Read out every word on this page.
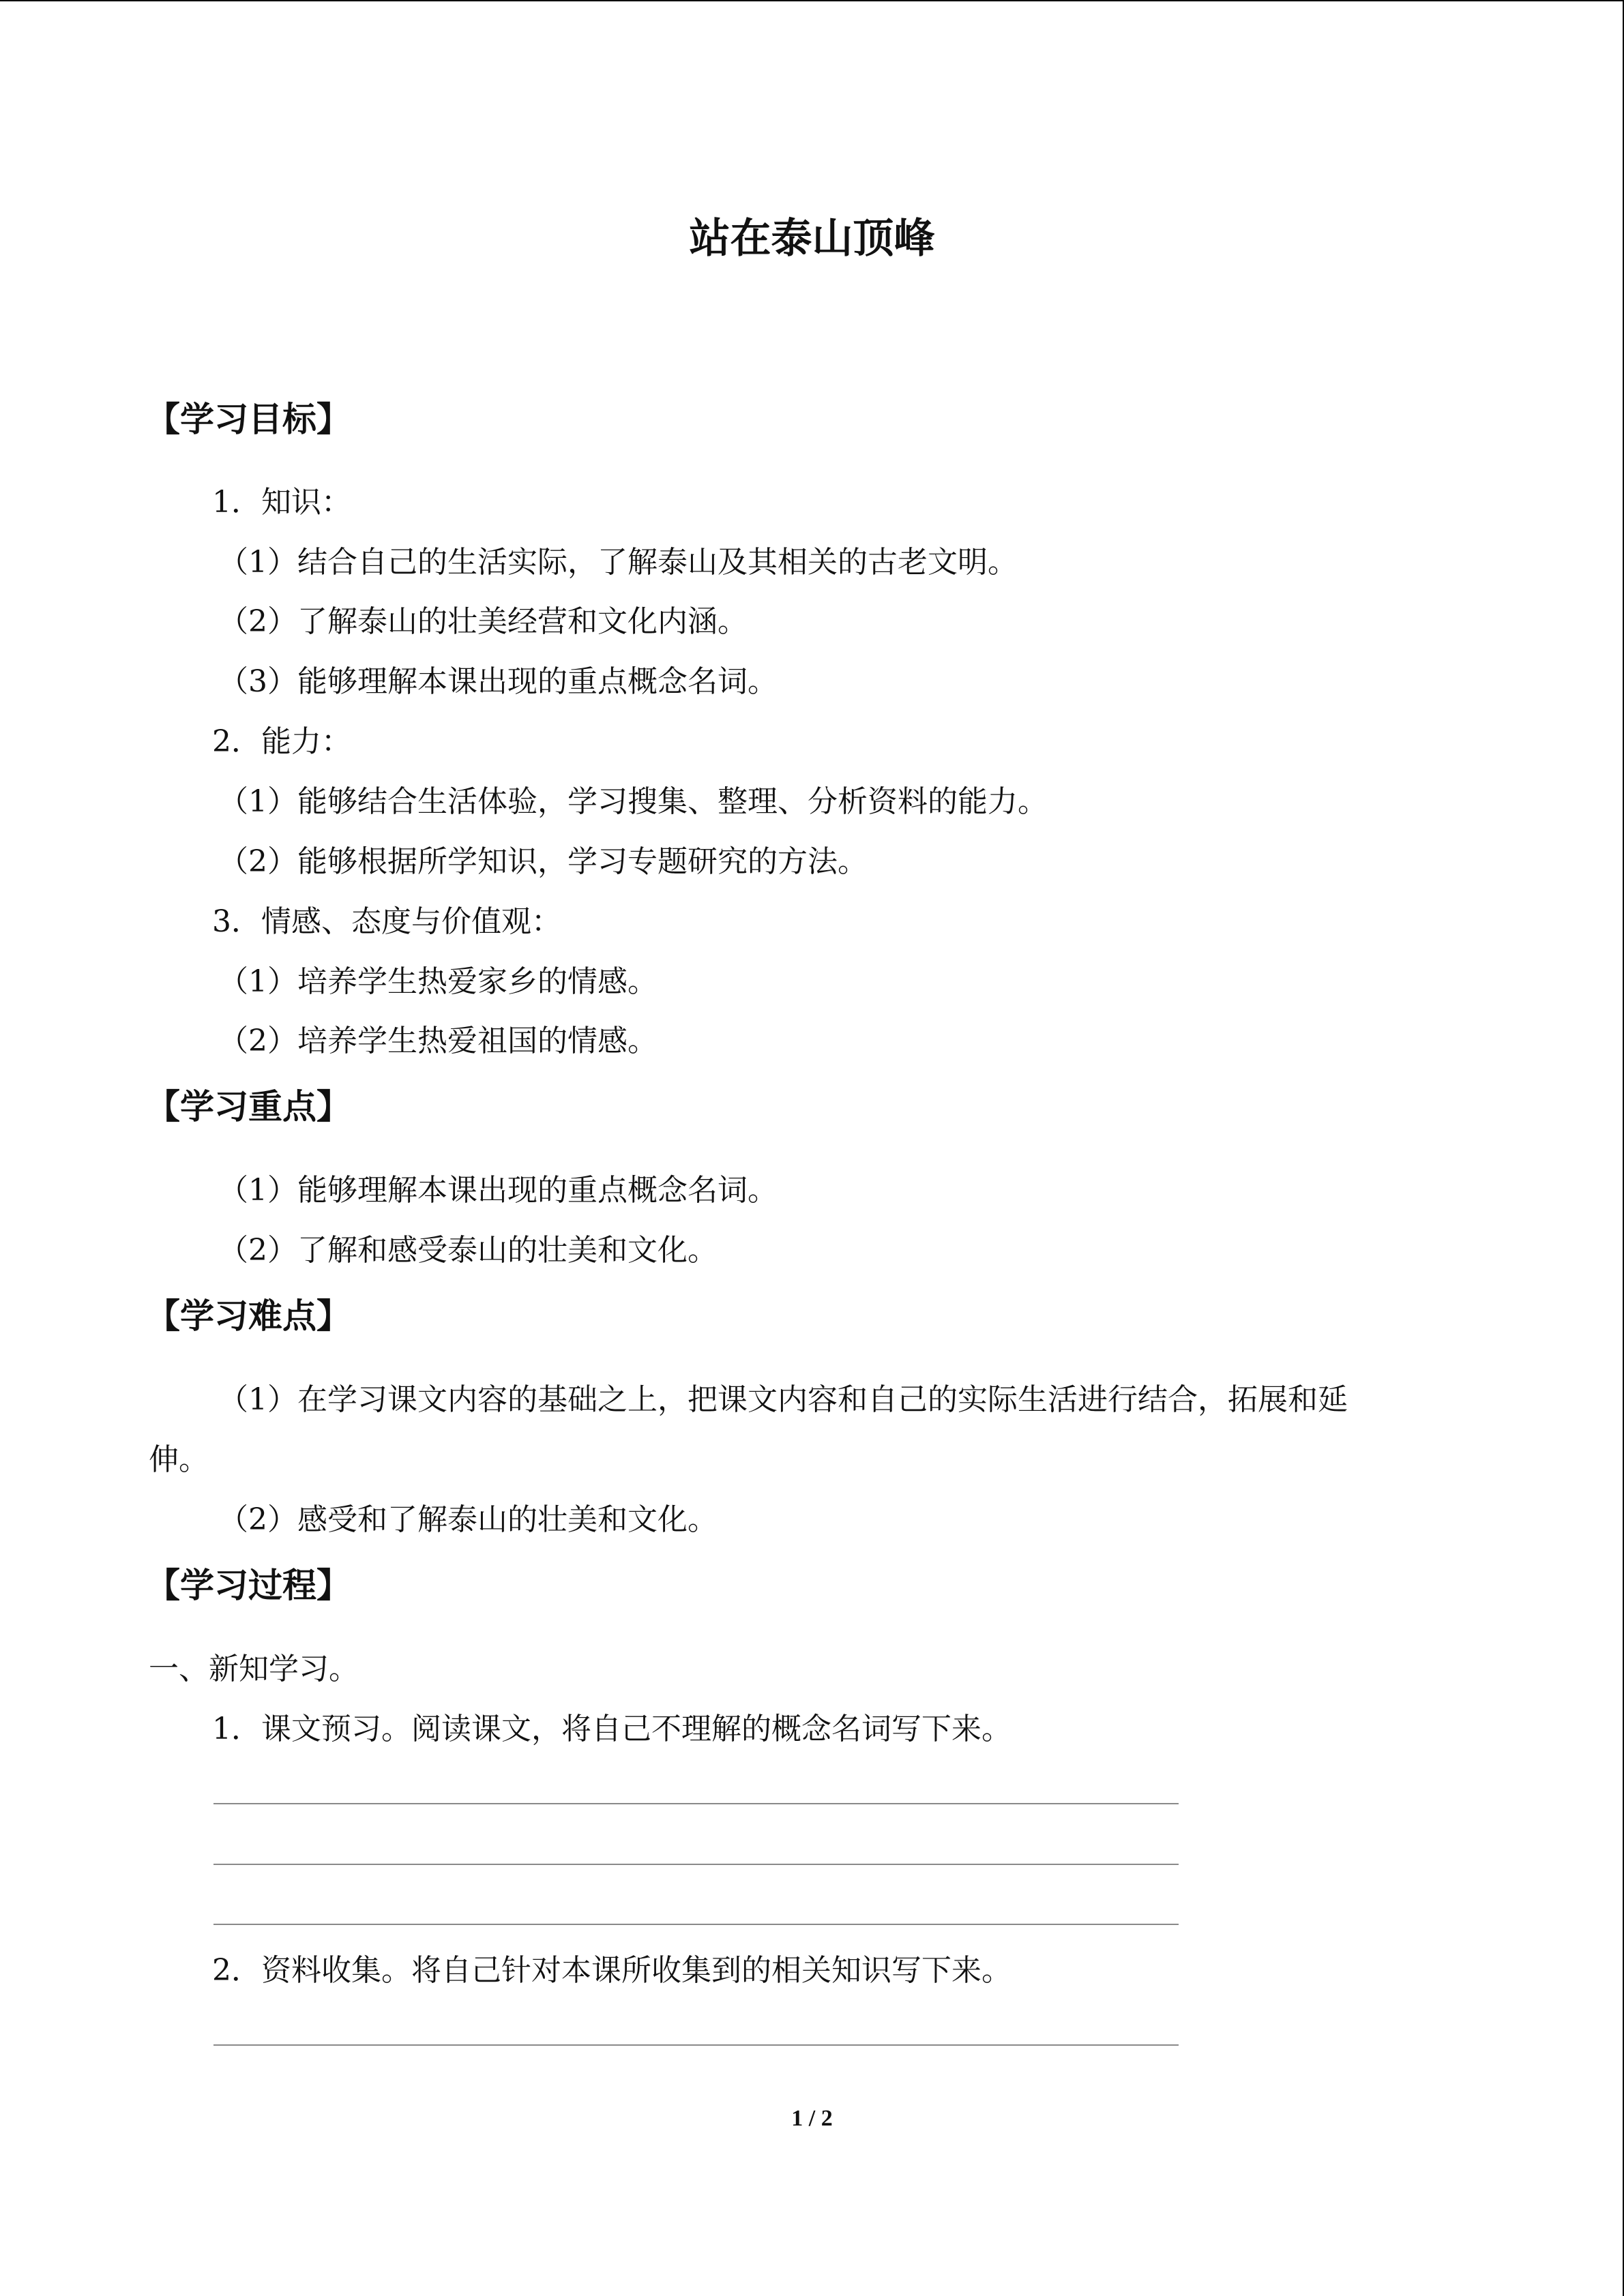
站在泰山顶峰
【学习目标】
1．知识：
（1）结合自己的生活实际，了解泰山及其相关的古老文明。
（2）了解泰山的壮美经营和文化内涵。
（3）能够理解本课出现的重点概念名词。
2．能力：
（1）能够结合生活体验，学习搜集、整理、分析资料的能力。
（2）能够根据所学知识，学习专题研究的方法。
3．情感、态度与价值观：
（1）培养学生热爱家乡的情感。
（2）培养学生热爱祖国的情感。
【学习重点】
（1）能够理解本课出现的重点概念名词。
（2）了解和感受泰山的壮美和文化。
【学习难点】
（1）在学习课文内容的基础之上，把课文内容和自己的实际生活进行结合，拓展和延
伸。
（2）感受和了解泰山的壮美和文化。
【学习过程】
一、新知学习。
1．课文预习。阅读课文，将自己不理解的概念名词写下来。
2．资料收集。将自己针对本课所收集到的相关知识写下来。
1 / 2
